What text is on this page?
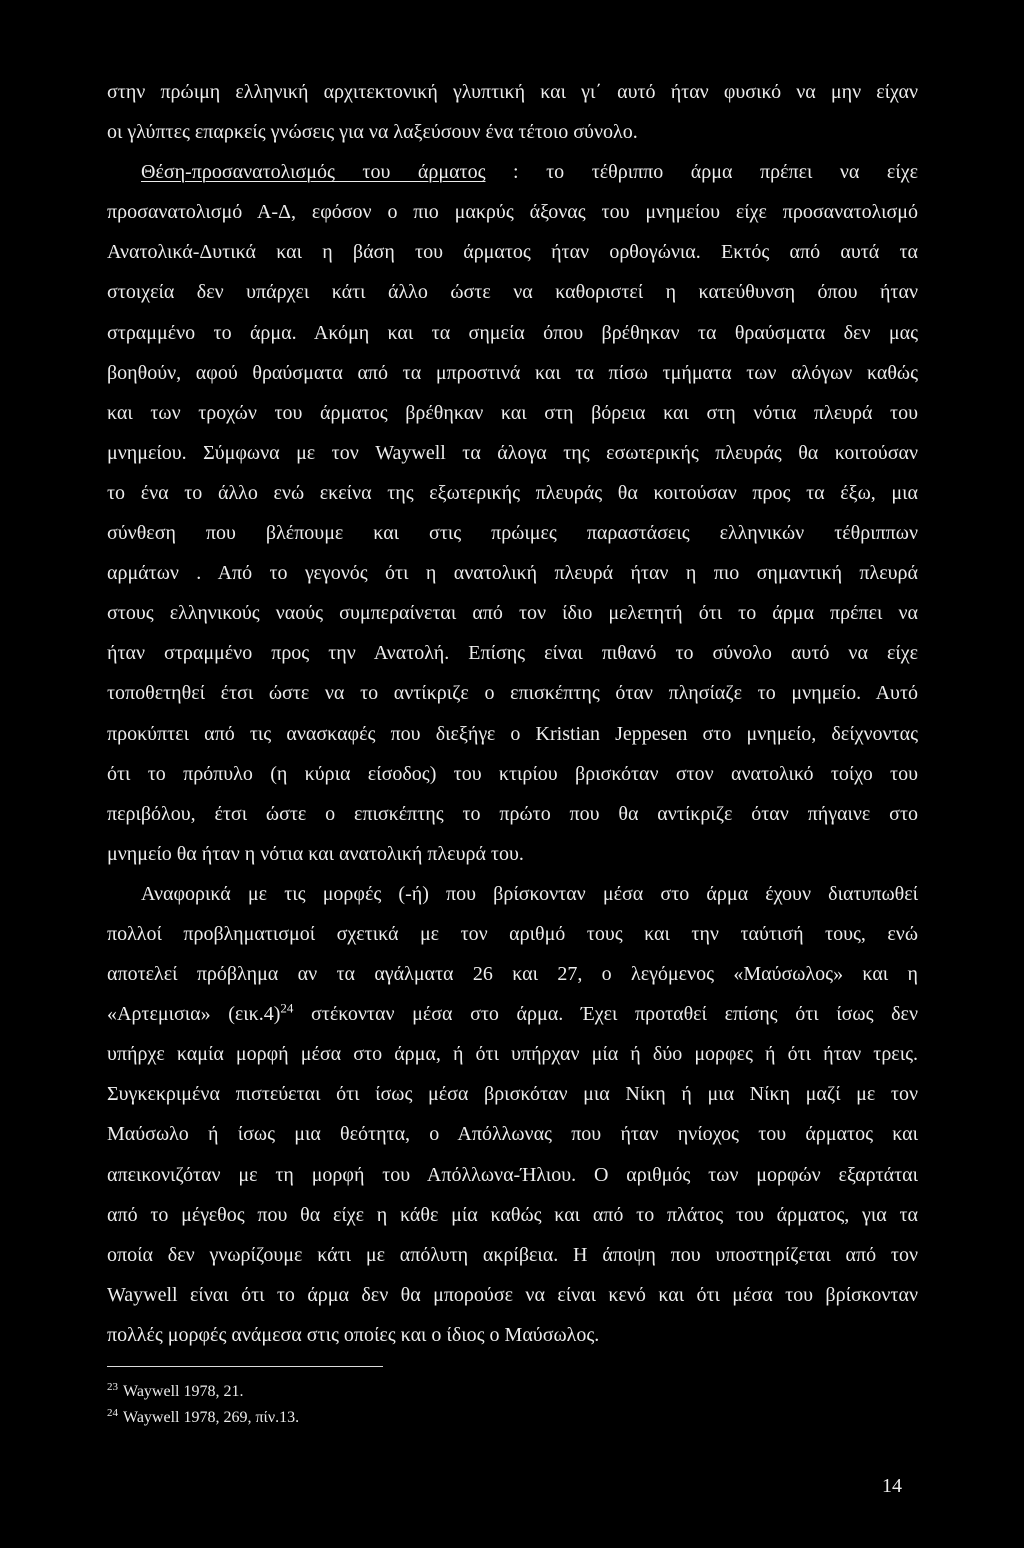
στην πρώιμη ελληνική αρχιτεκτονική γλυπτική και γι΄ αυτό ήταν φυσικό να μην είχαν
οι γλύπτες επαρκείς γνώσεις για να λαξεύσουν ένα τέτοιο σύνολο.
Θέση-προσανατολισμός του άρματος : το τέθριππο άρμα πρέπει να είχε
προσανατολισμό Α-Δ, εφόσον ο πιο μακρύς άξονας του μνημείου είχε προσανατολισμό
Ανατολικά-Δυτικά και η βάση του άρματος ήταν ορθογώνια. Εκτός από αυτά τα
στοιχεία δεν υπάρχει κάτι άλλο ώστε να καθοριστεί η κατεύθυνση όπου ήταν
στραμμένο το άρμα. Ακόμη και τα σημεία όπου βρέθηκαν τα θραύσματα δεν μας
βοηθούν, αφού θραύσματα από τα μπροστινά και τα πίσω τμήματα των αλόγων καθώς
και των τροχών του άρματος βρέθηκαν και στη βόρεια και στη νότια πλευρά του
μνημείου. Σύμφωνα με τον Waywell τα άλογα της εσωτερικής πλευράς θα κοιτούσαν
το ένα το άλλο ενώ εκείνα της εξωτερικής πλευράς θα κοιτούσαν προς τα έξω, μια
σύνθεση που βλέπουμε και στις πρώιμες παραστάσεις ελληνικών τέθριππων
αρμάτων . Από το γεγονός ότι η ανατολική πλευρά ήταν η πιο σημαντική πλευρά
στους ελληνικούς ναούς συμπεραίνεται από τον ίδιο μελετητή ότι το άρμα πρέπει να
ήταν στραμμένο προς την Ανατολή. Επίσης είναι πιθανό το σύνολο αυτό να είχε
τοποθετηθεί έτσι ώστε να το αντίκριζε ο επισκέπτης όταν πλησίαζε το μνημείο. Αυτό
προκύπτει από τις ανασκαφές που διεξήγε ο Kristian Jeppesen στο μνημείο, δείχνοντας
ότι το πρόπυλο (η κύρια είσοδος) του κτιρίου βρισκόταν στον ανατολικό τοίχο του
περιβόλου, έτσι ώστε ο επισκέπτης το πρώτο που θα αντίκριζε όταν πήγαινε στο
μνημείο θα ήταν η νότια και ανατολική πλευρά του.
Αναφορικά με τις μορφές (-ή) που βρίσκονταν μέσα στο άρμα έχουν διατυπωθεί
πολλοί προβληματισμοί σχετικά με τον αριθμό τους και την ταύτισή τους, ενώ
αποτελεί πρόβλημα αν τα αγάλματα 26 και 27, ο λεγόμενος «Μαύσωλος» και η
«Αρτεμισια» (εικ.4)$^{24}$ στέκονταν μέσα στο άρμα. Έχει προταθεί επίσης ότι ίσως δεν
υπήρχε καμία μορφή μέσα στο άρμα, ή ότι υπήρχαν μία ή δύο μορφες ή ότι ήταν τρεις.
Συγκεκριμένα πιστεύεται ότι ίσως μέσα βρισκόταν μια Νίκη ή μια Νίκη μαζί με τον
Μαύσωλο ή ίσως μια θεότητα, ο Απόλλωνας που ήταν ηνίοχος του άρματος και
απεικονιζόταν με τη μορφή του Απόλλωνα-Ήλιου. Ο αριθμός των μορφών εξαρτάται
από το μέγεθος που θα είχε η κάθε μία καθώς και από το πλάτος του άρματος, για τα
οποία δεν γνωρίζουμε κάτι με απόλυτη ακρίβεια. Η άποψη που υποστηρίζεται από τον
Waywell είναι ότι το άρμα δεν θα μπορούσε να είναι κενό και ότι μέσα του βρίσκονταν
πολλές μορφές ανάμεσα στις οποίες και ο ίδιος ο Μαύσωλος.
$^{23}$ Waywell 1978, 21.
$^{24}$ Waywell 1978, 269, πίν.13.
14
